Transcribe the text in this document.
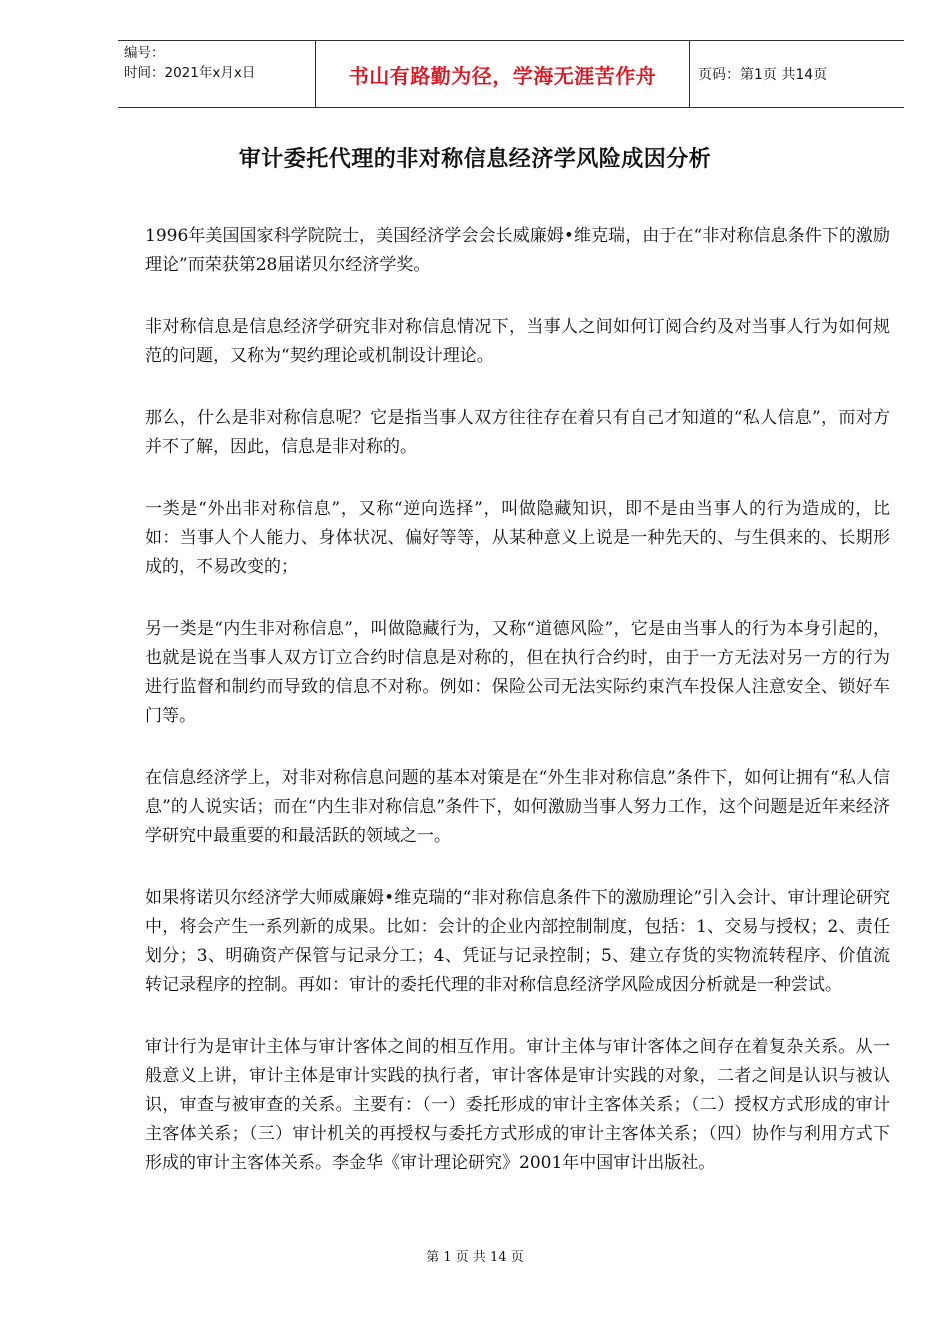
编号：
时间：2021年x月x日	书山有路勤为径，学海无涯苦作舟	页码：第1页 共14页
审计委托代理的非对称信息经济学风险成因分析

1996年美国国家科学院院士，美国经济学会会长威廉姆•维克瑞，由于在“非对称信息条件下的激励理论”而荣获第28届诺贝尔经济学奖。

非对称信息是信息经济学研究非对称信息情况下，当事人之间如何订阅合约及对当事人行为如何规范的问题，又称为“契约理论或机制设计理论。

那么，什么是非对称信息呢？它是指当事人双方往往存在着只有自己才知道的“私人信息”，而对方并不了解，因此，信息是非对称的。

一类是“外出非对称信息”，又称“逆向选择”，叫做隐藏知识，即不是由当事人的行为造成的，比如：当事人个人能力、身体状况、偏好等等，从某种意义上说是一种先天的、与生俱来的、长期形成的，不易改变的；

另一类是“内生非对称信息”，叫做隐藏行为，又称“道德风险”，它是由当事人的行为本身引起的，也就是说在当事人双方订立合约时信息是对称的，但在执行合约时，由于一方无法对另一方的行为进行监督和制约而导致的信息不对称。例如：保险公司无法实际约束汽车投保人注意安全、锁好车门等。

在信息经济学上，对非对称信息问题的基本对策是在“外生非对称信息”条件下，如何让拥有“私人信息”的人说实话；而在“内生非对称信息”条件下，如何激励当事人努力工作，这个问题是近年来经济学研究中最重要的和最活跃的领域之一。

如果将诺贝尔经济学大师威廉姆•维克瑞的“非对称信息条件下的激励理论”引入会计、审计理论研究中，将会产生一系列新的成果。比如：会计的企业内部控制制度，包括：1、交易与授权；2、责任划分；3、明确资产保管与记录分工；4、凭证与记录控制；5、建立存货的实物流转程序、价值流转记录程序的控制。再如：审计的委托代理的非对称信息经济学风险成因分析就是一种尝试。

审计行为是审计主体与审计客体之间的相互作用。审计主体与审计客体之间存在着复杂关系。从一般意义上讲，审计主体是审计实践的执行者，审计客体是审计实践的对象，二者之间是认识与被认识，审查与被审查的关系。主要有：（一）委托形成的审计主客体关系；（二）授权方式形成的审计主客体关系；（三）审计机关的再授权与委托方式形成的审计主客体关系；（四）协作与利用方式下形成的审计主客体关系。李金华《审计理论研究》2001年中国审计出版社。

第 1 页 共 14 页
